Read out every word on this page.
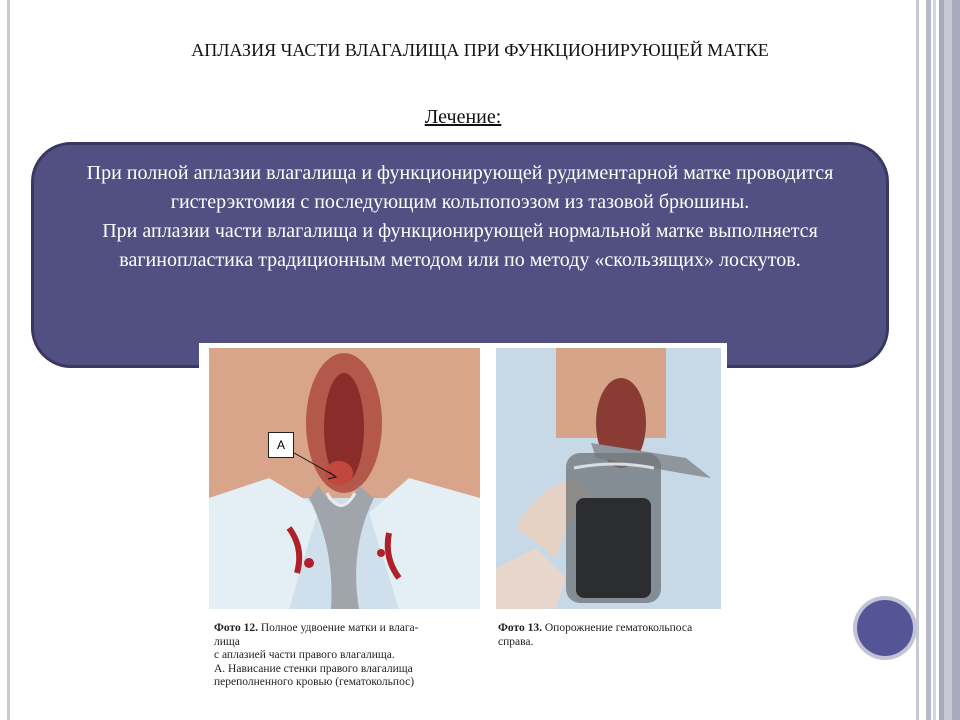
АПЛАЗИЯ ЧАСТИ ВЛАГАЛИЩА ПРИ ФУНКЦИОНИРУЮЩЕЙ МАТКЕ
Лечение:

При полной аплазии влагалища и функционирующей рудиментарной матке проводится гистерэктомия с последующим кольпопоэзом из тазовой брюшины.

При аплазии части влагалища и функционирующей нормальной матке выполняется вагинопластика традиционным методом или по методу «скользящих» лоскутов.

A
Фото 12. Полное удвоение матки и влага-
лища
с аплазией части правого влагалища.
А. Нависание стенки правого влагалища
переполненного кровью (гематокольпос)
Фото 13. Опорожнение гематокольпоса
справа.
